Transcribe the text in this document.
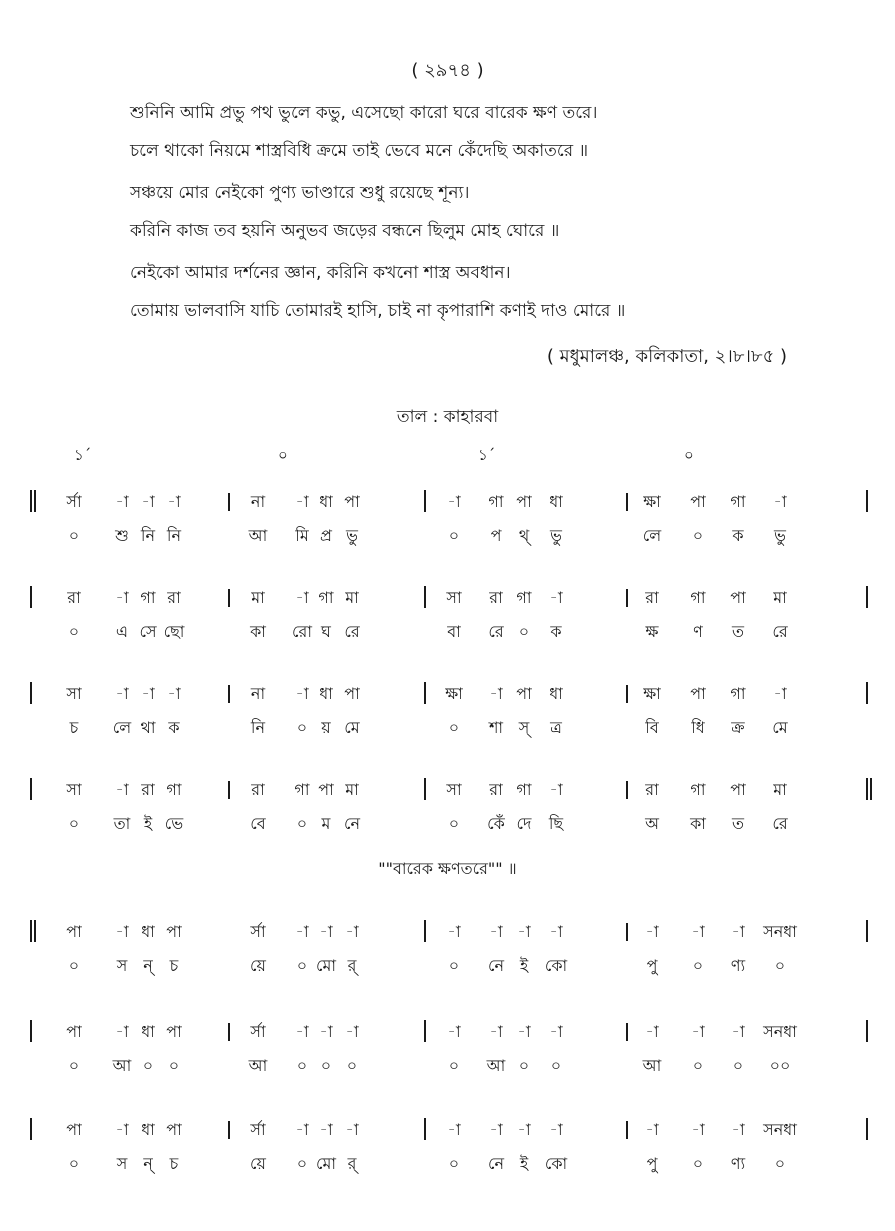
( ২৯৭৪ )
শুনিনি আমি প্রভু পথ ভুলে কভু, এসেছো কারো ঘরে বারেক ক্ষণ তরে।
চলে থাকো নিয়মে শাস্ত্রবিধি ক্রমে তাই ভেবে মনে কেঁদেছি অকাতরে ॥
সঞ্চয়ে মোর নেইকো পুণ্য ভাণ্ডারে শুধু রয়েছে শূন্য।
করিনি কাজ তব হয়নি অনুভব জড়ের বন্ধনে ছিলুম মোহ ঘোরে ॥
নেইকো আমার দর্শনের জ্ঞান, করিনি কখনো শাস্ত্র অবধান।
তোমায় ভালবাসি যাচি তোমারই হাসি, চাই না কৃপারাশি কণাই দাও মোরে ॥
( মধুমালঞ্চ, কলিকাতা, ২।৮।৮৫ )
তাল : কাহারবা
১´	০	১´	০
র্সা -া -া -া	না -া ধা পা	-া গা পা ধা	ক্ষা পা গা -া
০ শু নি নি	আ মি প্র ভু	০ প থ্ ভু	লে ০ ক ভু
রা -া গা রা	মা -া গা মা	সা রা গা -া	রা গা পা মা
০ এ সে ছো	কা রো ঘ রে	বা রে ০ ক	ক্ষ ণ ত রে
সা -া -া -া	না -া ধা পা	ক্ষা -া পা ধা	ক্ষা পা গা -া
চ লে থা ক	নি ০ য় মে	০ শা স্ ত্র	বি ধি ক্র মে
সা -া রা গা	রা গা পা মা	সা রা গা -া	রা গা পা মা
০ তা ই ভে	বে ০ ম নে	০ কেঁ দে ছি	অ কা ত রে
পা -া ধা পা	র্সা -া -া -া	-া -া -া -া	-া -া -া সনধা
০ স ন্ চ	য়ে ০ মো র্	০ নে ই কো	পু ০ ণ্য ০
পা -া ধা পা	র্সা -া -া -া	-া -া -া -া	-া -া -া সনধা
০ আ ০ ০	আ ০ ০ ০	০ আ ০ ০	আ ০ ০ ০০
পা -া ধা পা	র্সা -া -া -া	-া -া -া -া	-া -া -া সনধা
০ স ন্ চ	য়ে ০ মো র্	০ নে ই কো	পু ০ ণ্য ০
""বারেক ক্ষণতরে"" ॥
